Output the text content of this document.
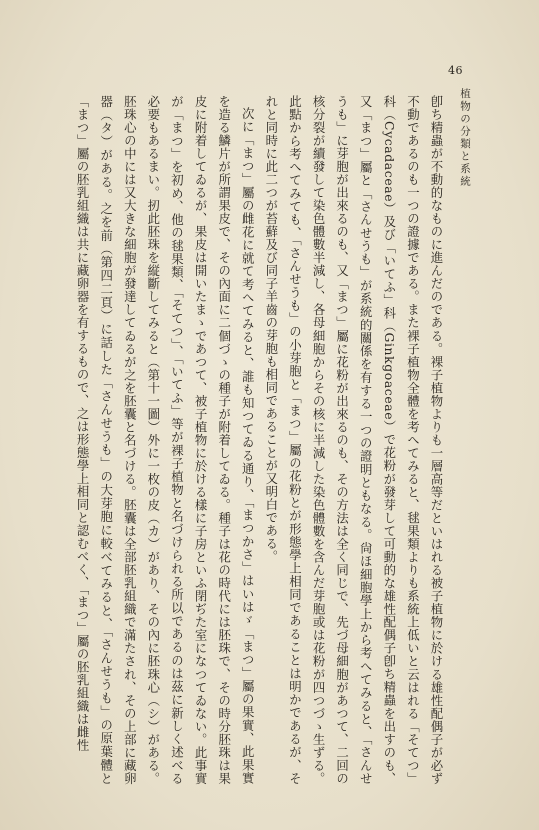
46
植物の分類と系統

卽ち精蟲が不動的なものに進んだのである。裸子植物よりも一層高等だといはれる被子植物に於ける雄性配偶子が必ず不動であるのも一つの證據である。また裸子植物全體を考へてみると、毬果類よりも系統上低いと云はれる「そてつ」科（Cycadaceae）及び「いてふ」科（Ginkgoaceae）で花粉が發芽して可動的な雄性配偶子卽ち精蟲を出すのも、又「まつ」屬と「さんせうも」が系統的關係を有する一つの證明ともなる。尙ほ細胞學上から考へてみると、「さんせうも」に芽胞が出來るのも、又「まつ」屬に花粉が出來るのも、その方法は全く同じで、先づ母細胞があつて、二回の核分裂が續發して染色體數半減し、各母細胞からその核に半減した染色體數を含んだ芽胞或は花粉が四つづゝ生ずる。此點から考へてみても、「さんせうも」の小芽胞と「まつ」屬の花粉とが形態學上相同であることは明かであるが、それと同時に此二つが苔蘚及び同子羊齒の芽胞も相同であることが又明白である。

次に「まつ」屬の雌花に就て考へてみると、誰も知つてゐる通り、「まつかさ」はいはゞ「まつ」屬の果實、此果實を造る鱗片が所謂果皮で、その內面に二個づゝの種子が附着してゐる。種子は花の時代には胚珠で、その時分胚珠は果皮に附着してゐるが、果皮は開いたまゝであつて、被子植物に於ける樣に子房といふ閉ぢた室になつてゐない。此事實が「まつ」を初め、他の毬果類、「そてつ」、「いてふ」等が裸子植物と名づけられる所以であるのは茲に新しく述べる必要もあるまい。扨此胚珠を縦斷してみると（第十一圖）外に一枚の皮（カ）があり、その內に胚珠心（シ）がある。胚珠心の中には又大きな細胞が發達してゐるが之を胚囊と名づける。胚囊は全部胚乳組織で滿たされ、その上部に藏卵器（タ）がある。之を前（第四二頁）に話した「さんせうも」の大芽胞に較べてみると、「さんせうも」の原葉體と「まつ」屬の胚乳組織は共に藏卵器を有するもので、之は形態學上相同と認むべく、「まつ」屬の胚乳組織は雌性
